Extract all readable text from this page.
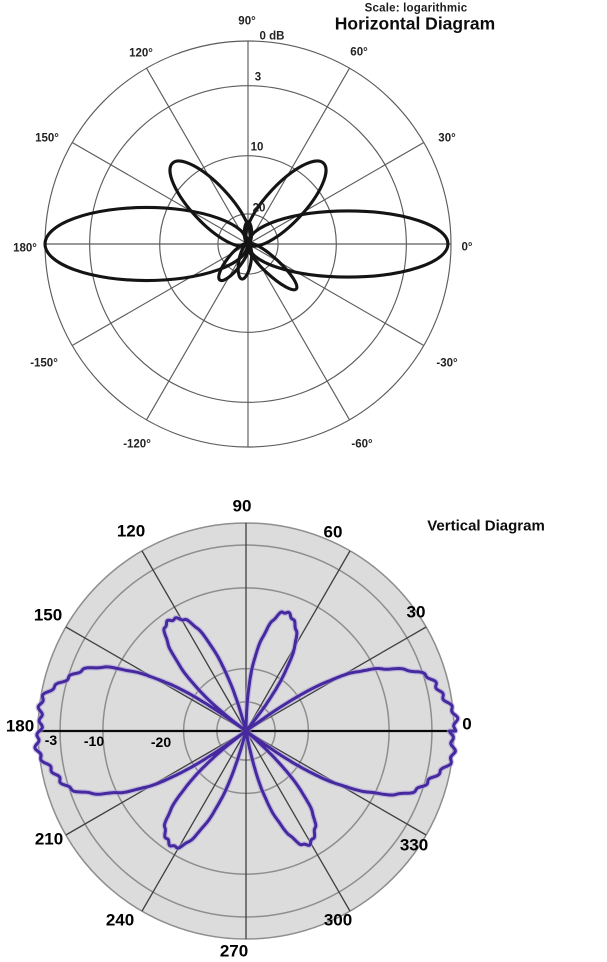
Scale: logarithmic
Horizontal Diagram
Vertical Diagram
90°
120°	60°
150°	30°
180°	0°
-150°	-30°
-120°	-60°
0 dB
3
10
20
90
120	60
150	30
180	0
210	330
240	300
270
-3 -10	-20
